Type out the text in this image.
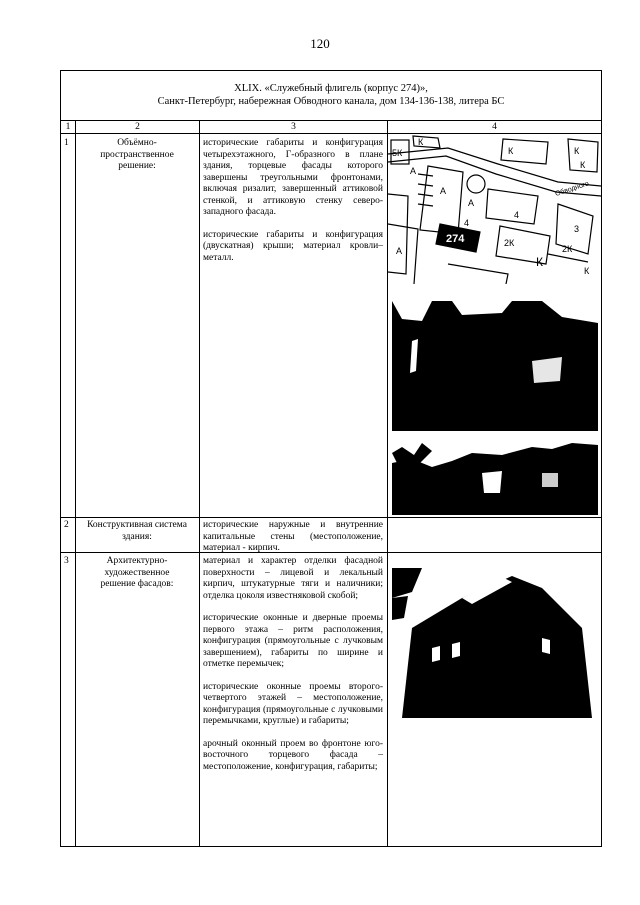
120
XLIX. «Служебный флигель (корпус 274)»,
Санкт-Петербург, набережная Обводного канала, дом 134-136-138, литера БС
1	2	3	4
1	Объёмно-пространственное решение:

исторические габариты и конфигурация четырехэтажного, Г-образного в плане здания, торцевые фасады которого завершены треугольными фронтонами, включая ризалит, завершенный аттиковой стенкой, и аттиковую стенку северо-западного фасада.

исторические габариты и конфигурация (двускатная) крыши; материал кровли– металл.

5К
К
К	К
К
А
А
А
274
4
2К
А
4
К
3
2К
К
Обводного
2	Конструктивная система здания:

исторические наружные и внутренние капитальные стены (местоположение, материал - кирпич.

3	Архитектурно-художественное решение фасадов:

материал и характер отделки фасадной поверхности – лицевой и лекальный кирпич, штукатурные тяги и наличники; отделка цоколя известняковой скобой;

исторические оконные и дверные проемы первого этажа – ритм расположения, конфигурация (прямоугольные с лучковым завершением), габариты по ширине и отметке перемычек;

исторические оконные проемы второго-четвертого этажей – местоположение, конфигурация (прямоугольные с лучковыми перемычками, круглые) и габариты;

арочный оконный проем во фронтоне юго-восточного торцевого фасада – местоположение, конфигурация, габариты;
